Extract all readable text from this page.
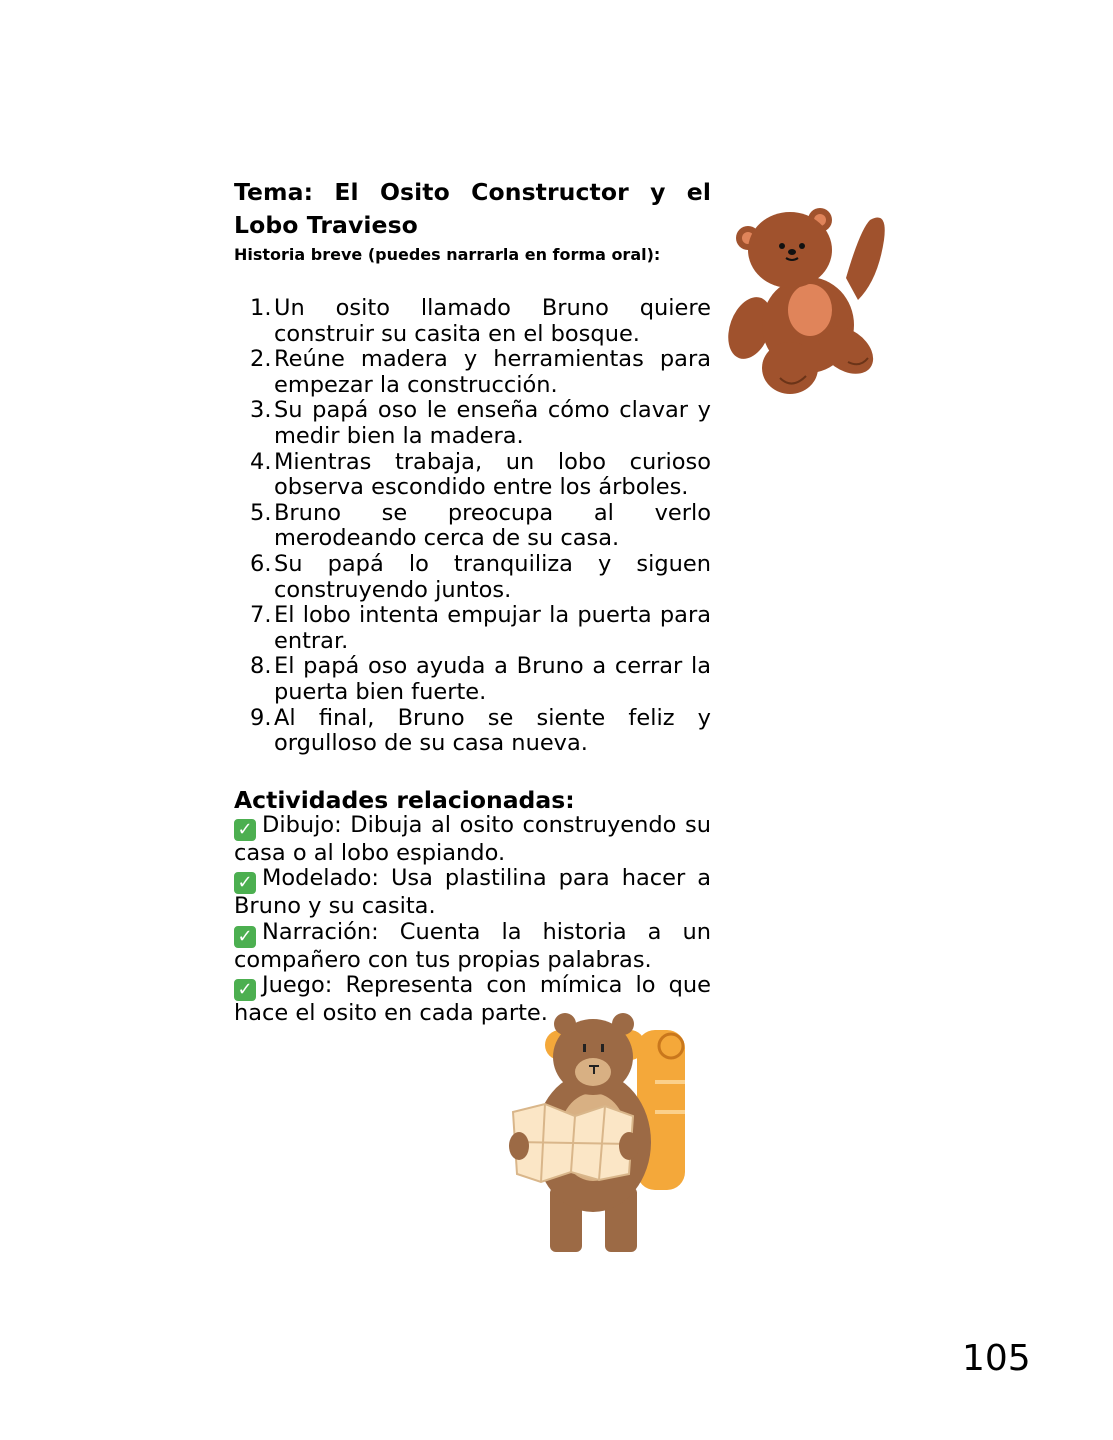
Tema: El Osito Constructor y el Lobo Travieso

Historia breve (puedes narrarla en forma oral):

1. Un osito llamado Bruno quiere construir su casita en el bosque.
2. Reúne madera y herramientas para empezar la construcción.
3. Su papá oso le enseña cómo clavar y medir bien la madera.
4. Mientras trabaja, un lobo curioso observa escondido entre los árboles.
5. Bruno se preocupa al verlo merodeando cerca de su casa.
6. Su papá lo tranquiliza y siguen construyendo juntos.
7. El lobo intenta empujar la puerta para entrar.
8. El papá oso ayuda a Bruno a cerrar la puerta bien fuerte.
9. Al final, Bruno se siente feliz y orgulloso de su casa nueva.
Actividades relacionadas:

✓ Dibujo: Dibuja al osito construyendo su casa o al lobo espiando.

✓ Modelado: Usa plastilina para hacer a Bruno y su casita.

✓ Narración: Cuenta la historia a un compañero con tus propias palabras.

✓ Juego: Representa con mímica lo que hace el osito en cada parte.

105
